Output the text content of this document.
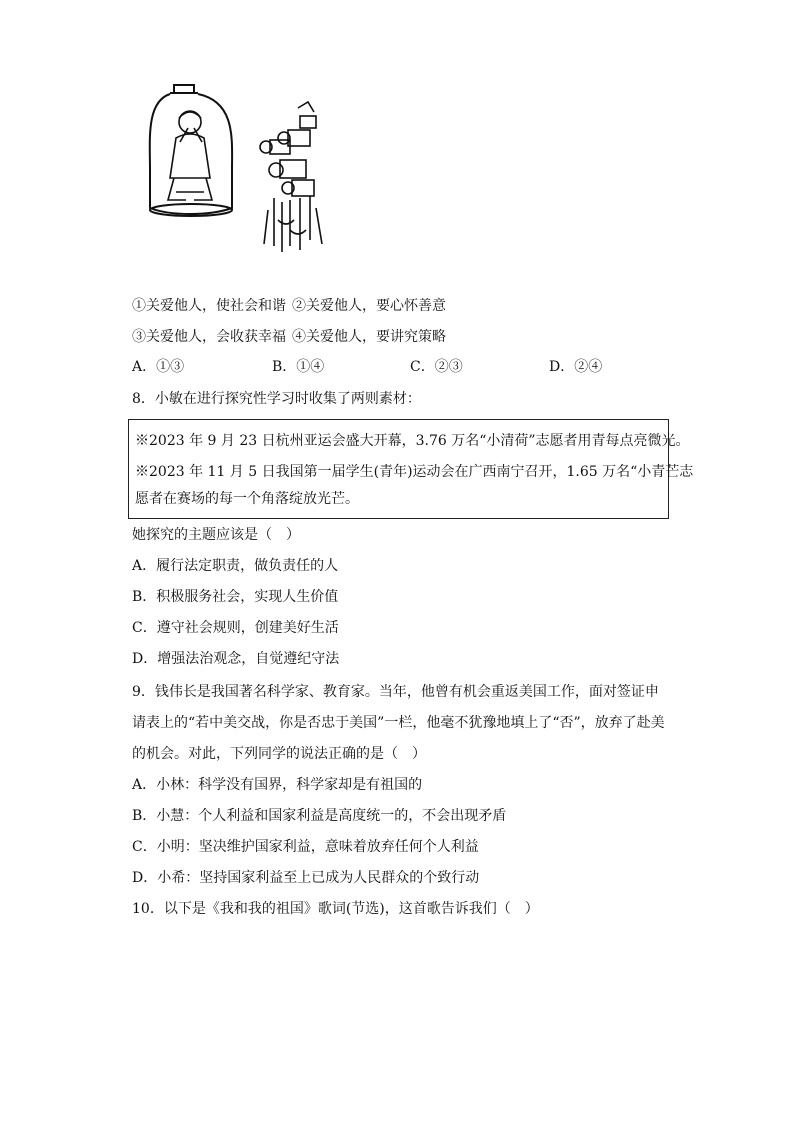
①关爱他人，使社会和谐 ②关爱他人，要心怀善意
③关爱他人，会收获幸福 ④关爱他人，要讲究策略
A．①③	B．①④	C．②③	D．②④
8．小敏在进行探究性学习时收集了两则素材：
※2023 年 9 月 23 日杭州亚运会盛大开幕，3.76 万名“小清荷”志愿者用青每点亮微光。
※2023 年 11 月 5 日我国第一届学生(青年)运动会在广西南宁召开，1.65 万名“小青芒志
愿者在赛场的每一个角落绽放光芒。
她探究的主题应该是（　）
A．履行法定职责，做负责任的人
B．积极服务社会，实现人生价值
C．遵守社会规则，创建美好生活
D．增强法治观念，自觉遵纪守法
9．钱伟长是我国著名科学家、教育家。当年，他曾有机会重返美国工作，面对签证申
请表上的“若中美交战，你是否忠于美国”一栏，他毫不犹豫地填上了“否”，放弃了赴美
的机会。对此，下列同学的说法正确的是（　）
A．小林：科学没有国界，科学家却是有祖国的
B．小慧：个人利益和国家利益是高度统一的，不会出现矛盾
C．小明：坚决维护国家利益，意味着放弃任何个人利益
D．小希：坚持国家利益至上已成为人民群众的个致行动
10．以下是《我和我的祖国》歌词(节选)，这首歌告诉我们（　）
